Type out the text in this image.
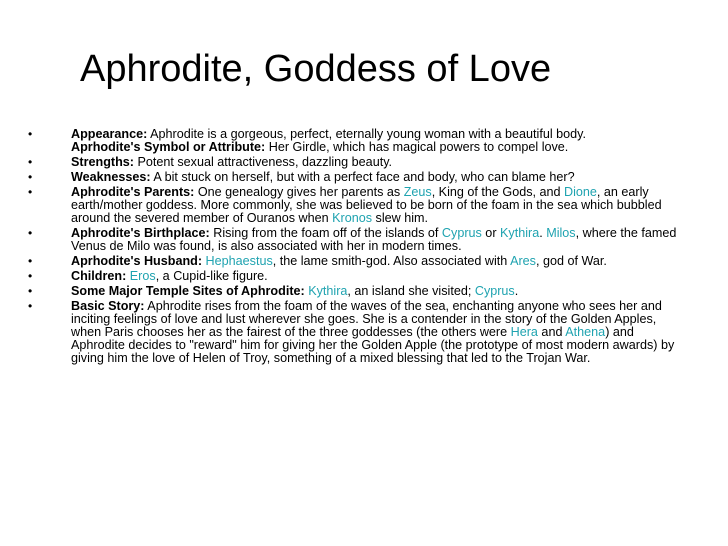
Aphrodite, Goddess of Love
•	Appearance: Aphrodite is a gorgeous, perfect, eternally young woman with a beautiful body.
Aprhodite's Symbol or Attribute: Her Girdle, which has magical powers to compel love.
•	Strengths: Potent sexual attractiveness, dazzling beauty.
•	Weaknesses: A bit stuck on herself, but with a perfect face and body, who can blame her?
•	Aphrodite's Parents: One genealogy gives her parents as Zeus, King of the Gods, and Dione, an early earth/mother goddess. More commonly, she was believed to be born of the foam in the sea which bubbled around the severed member of Ouranos when Kronos slew him.
•	Aphrodite's Birthplace: Rising from the foam off of the islands of Cyprus or Kythira. Milos, where the famed Venus de Milo was found, is also associated with her in modern times.
•	Aprhodite's Husband: Hephaestus, the lame smith-god. Also associated with Ares, god of War.
•	Children: Eros, a Cupid-like figure.
•	Some Major Temple Sites of Aphrodite: Kythira, an island she visited; Cyprus.
•	Basic Story: Aphrodite rises from the foam of the waves of the sea, enchanting anyone who sees her and inciting feelings of love and lust wherever she goes. She is a contender in the story of the Golden Apples, when Paris chooses her as the fairest of the three goddesses (the others were Hera and Athena) and Aphrodite decides to "reward" him for giving her the Golden Apple (the prototype of most modern awards) by giving him the love of Helen of Troy, something of a mixed blessing that led to the Trojan War.
